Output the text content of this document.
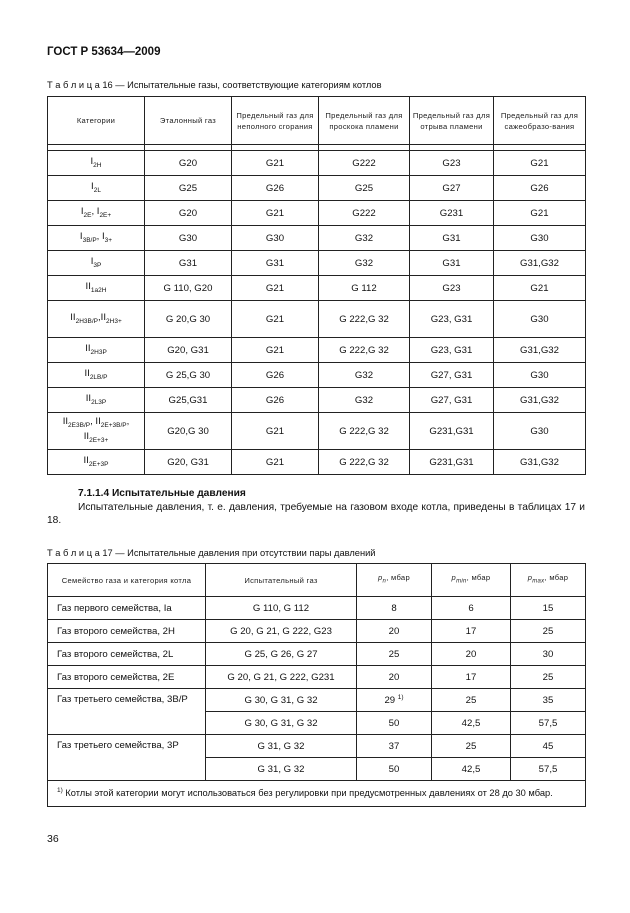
ГОСТ Р 53634—2009
Т а б л и ц а 16 — Испытательные газы, соответствующие категориям котлов
Категории	Эталонный газ	Предельный газ для неполного сгорания	Предельный газ для проскока пламени	Предельный газ для отрыва пламени	Предельный газ для сажеобразо-вания

$I_{2H}$	G20	G21	G222	G23	G21
$I_{2L}$	G25	G26	G25	G27	G26
$I_{2E}$, $I_{2E+}$	G20	G21	G222	G231	G21
$I_{3B/P}$, $I_{3+}$	G30	G30	G32	G31	G30
$I_{3P}$	G31	G31	G32	G31	G31,G32
$II_{1a2H}$	G 110, G20	G21	G 112	G23	G21
$II_{2H3B/P},II_{2H3+}$	G 20,G 30	G21	G 222,G 32	G23, G31	G30
$II_{2H3P}$	G20, G31	G21	G 222,G 32	G23, G31	G31,G32
$II_{2LB/P}$	G 25,G 30	G26	G32	G27, G31	G30
$II_{2L3P}$	G25,G31	G26	G32	G27, G31	G31,G32
$II_{2E3B/P}$, $II_{2E+3B/P}$, $II_{2E+3+}$	G20,G 30	G21	G 222,G 32	G231,G31	G30
$II_{2E+3P}$	G20, G31	G21	G 222,G 32	G231,G31	G31,G32
7.1.1.4 Испытательные давления
Испытательные давления, т. е. давления, требуемые на газовом входе котла, приведены в таблицах 17 и 18.
Т а б л и ц а 17 — Испытательные давления при отсутствии пары давлений
Семейство газа и категория котла	Испытательный газ	$p_n$, мбар	$p_{min}$, мбар	$p_{max}$, мбар
Газ первого семейства, Ia	G 110, G 112	8	6	15
Газ второго семейства, 2H	G 20, G 21, G 222, G23	20	17	25
Газ второго семейства, 2L	G 25, G 26, G 27	25	20	30
Газ второго семейства, 2E	G 20, G 21, G 222, G231	20	17	25
Газ третьего семейства, 3B/P	G 30, G 31, G 32	29 $^{1)}$	25	35
	G 30, G 31, G 32	50	42,5	57,5
Газ третьего семейства, 3P	G 31, G 32	37	25	45
	G 31, G 32	50	42,5	57,5
$^{1)}$ Котлы этой категории могут использоваться без регулировки при предусмотренных давлениях от 28 до 30 мбар.				
36
